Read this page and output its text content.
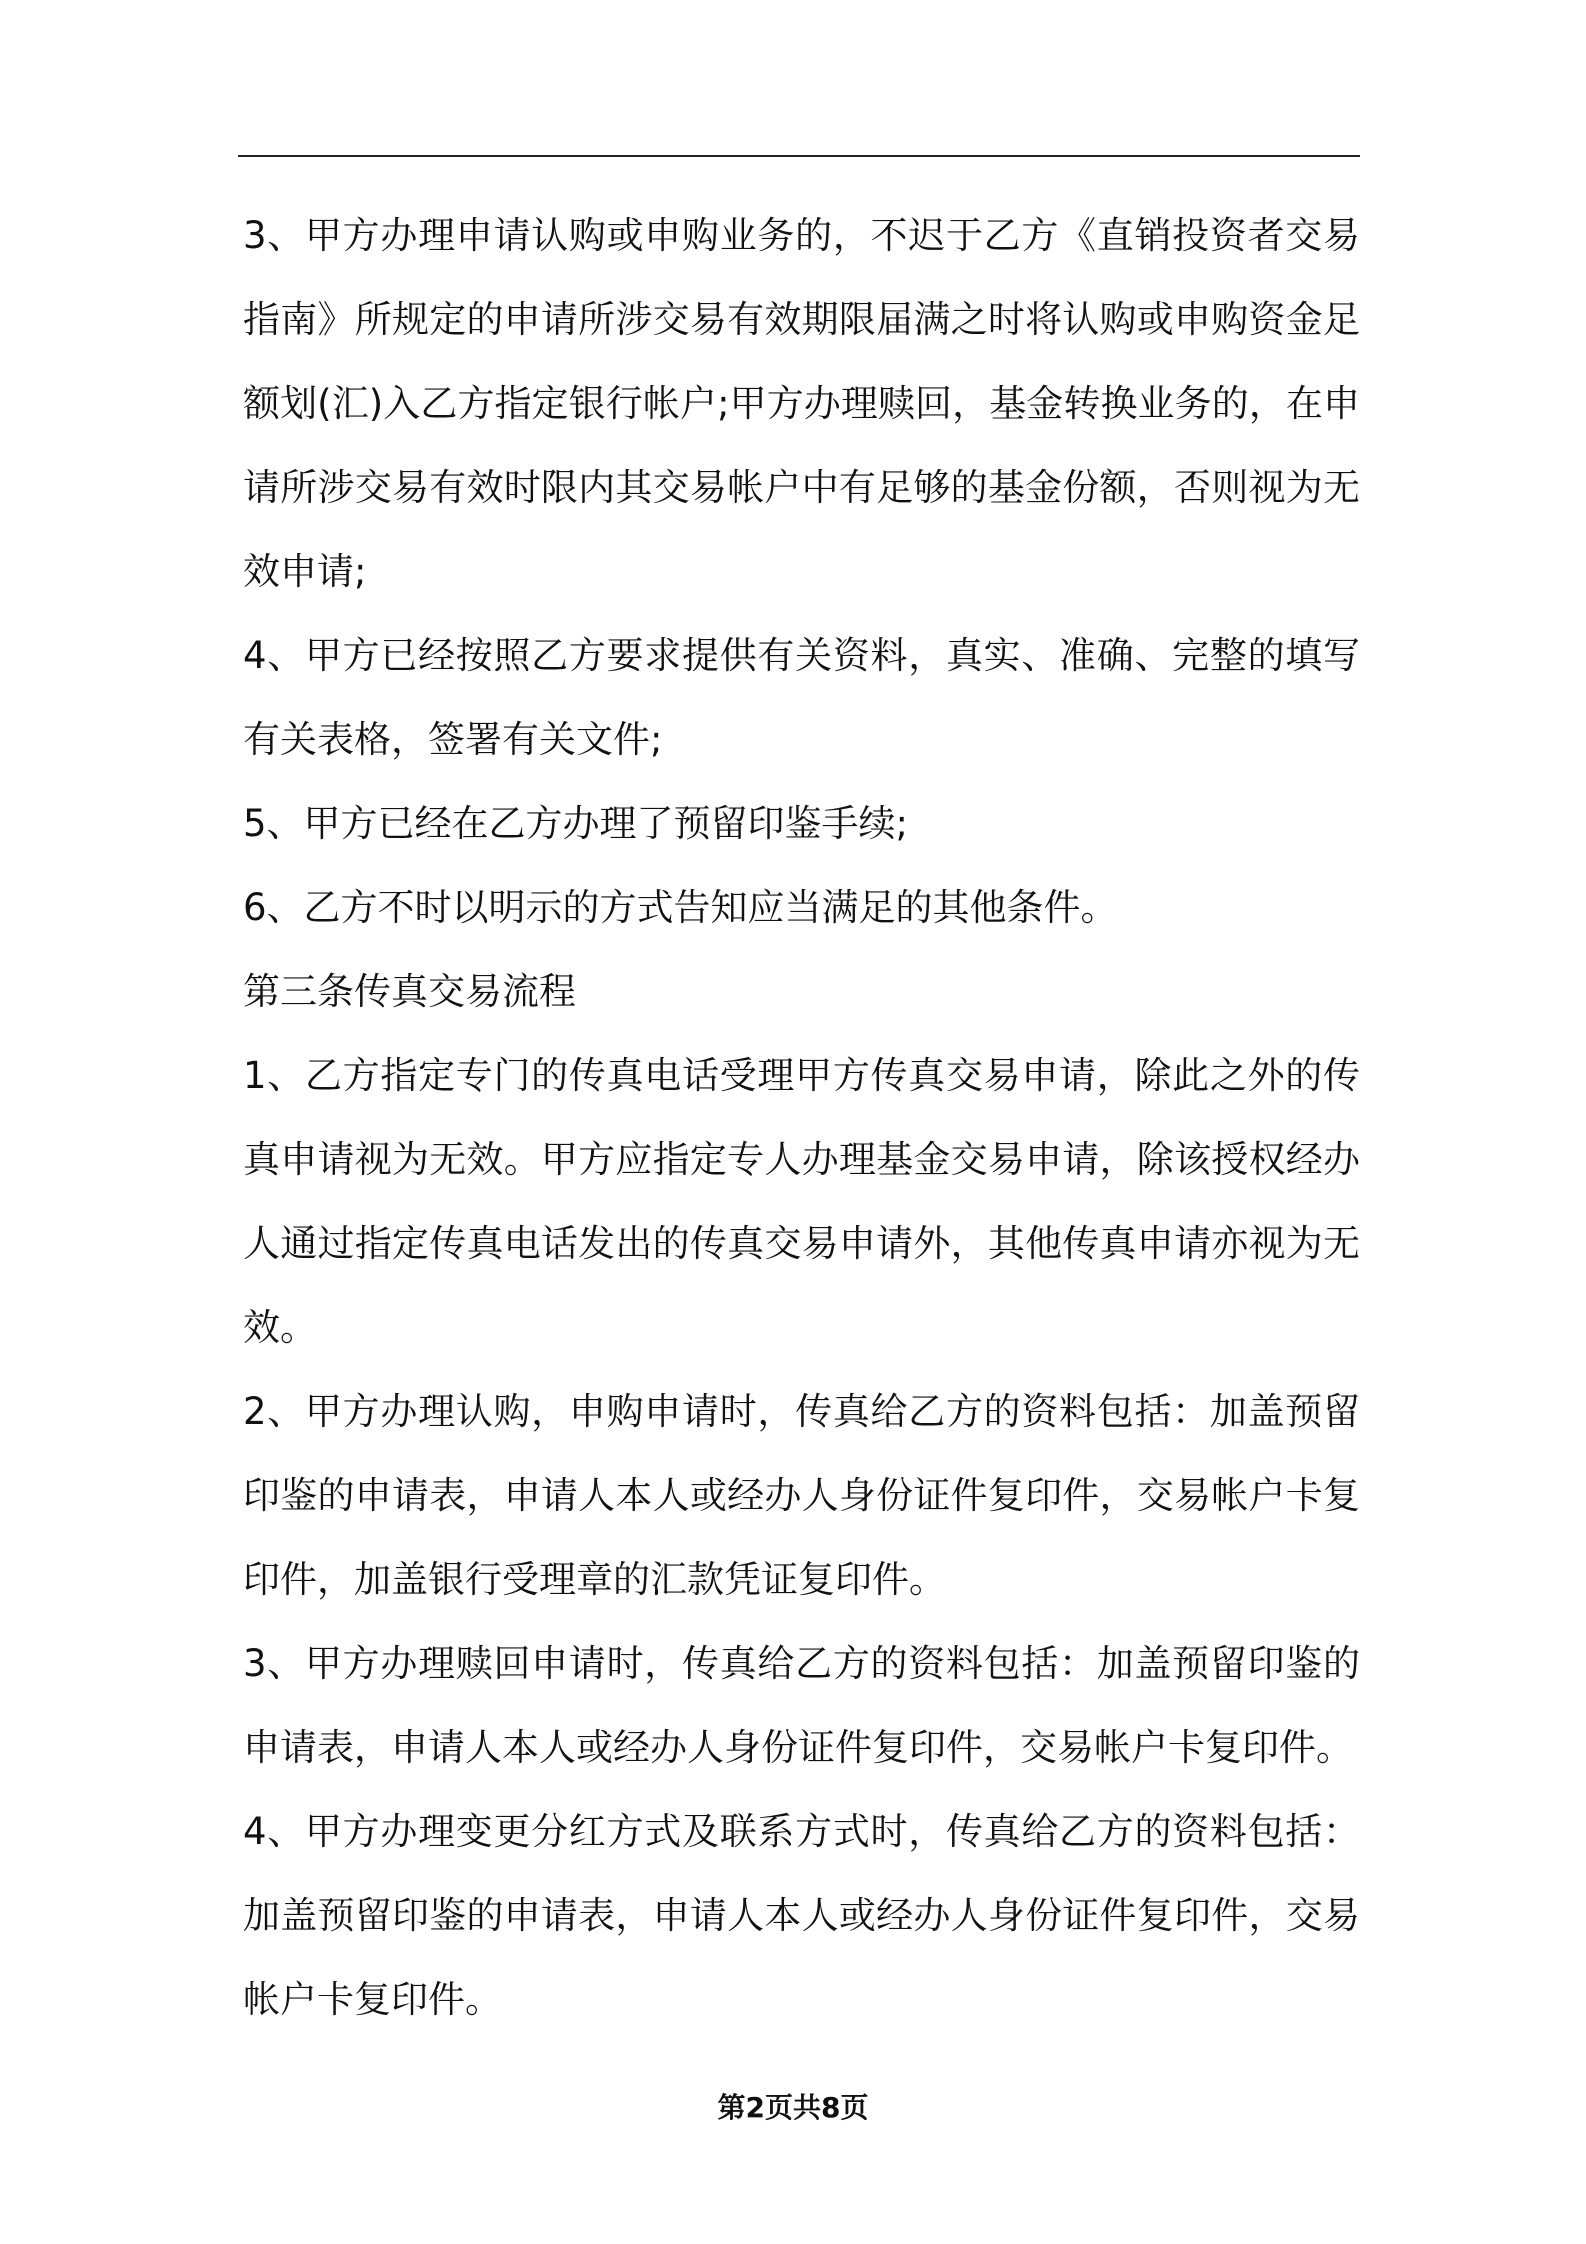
3、甲方办理申请认购或申购业务的，不迟于乙方《直销投资者交易指南》所规定的申请所涉交易有效期限届满之时将认购或申购资金足额划(汇)入乙方指定银行帐户;甲方办理赎回，基金转换业务的，在申请所涉交易有效时限内其交易帐户中有足够的基金份额，否则视为无效申请;

4、甲方已经按照乙方要求提供有关资料，真实、准确、完整的填写有关表格，签署有关文件;

5、甲方已经在乙方办理了预留印鉴手续;

6、乙方不时以明示的方式告知应当满足的其他条件。

第三条传真交易流程

1、乙方指定专门的传真电话受理甲方传真交易申请，除此之外的传真申请视为无效。甲方应指定专人办理基金交易申请，除该授权经办人通过指定传真电话发出的传真交易申请外，其他传真申请亦视为无效。

2、甲方办理认购，申购申请时，传真给乙方的资料包括：加盖预留印鉴的申请表，申请人本人或经办人身份证件复印件，交易帐户卡复印件，加盖银行受理章的汇款凭证复印件。

3、甲方办理赎回申请时，传真给乙方的资料包括：加盖预留印鉴的申请表，申请人本人或经办人身份证件复印件，交易帐户卡复印件。

4、甲方办理变更分红方式及联系方式时，传真给乙方的资料包括：加盖预留印鉴的申请表，申请人本人或经办人身份证件复印件，交易帐户卡复印件。

第2页共8页
